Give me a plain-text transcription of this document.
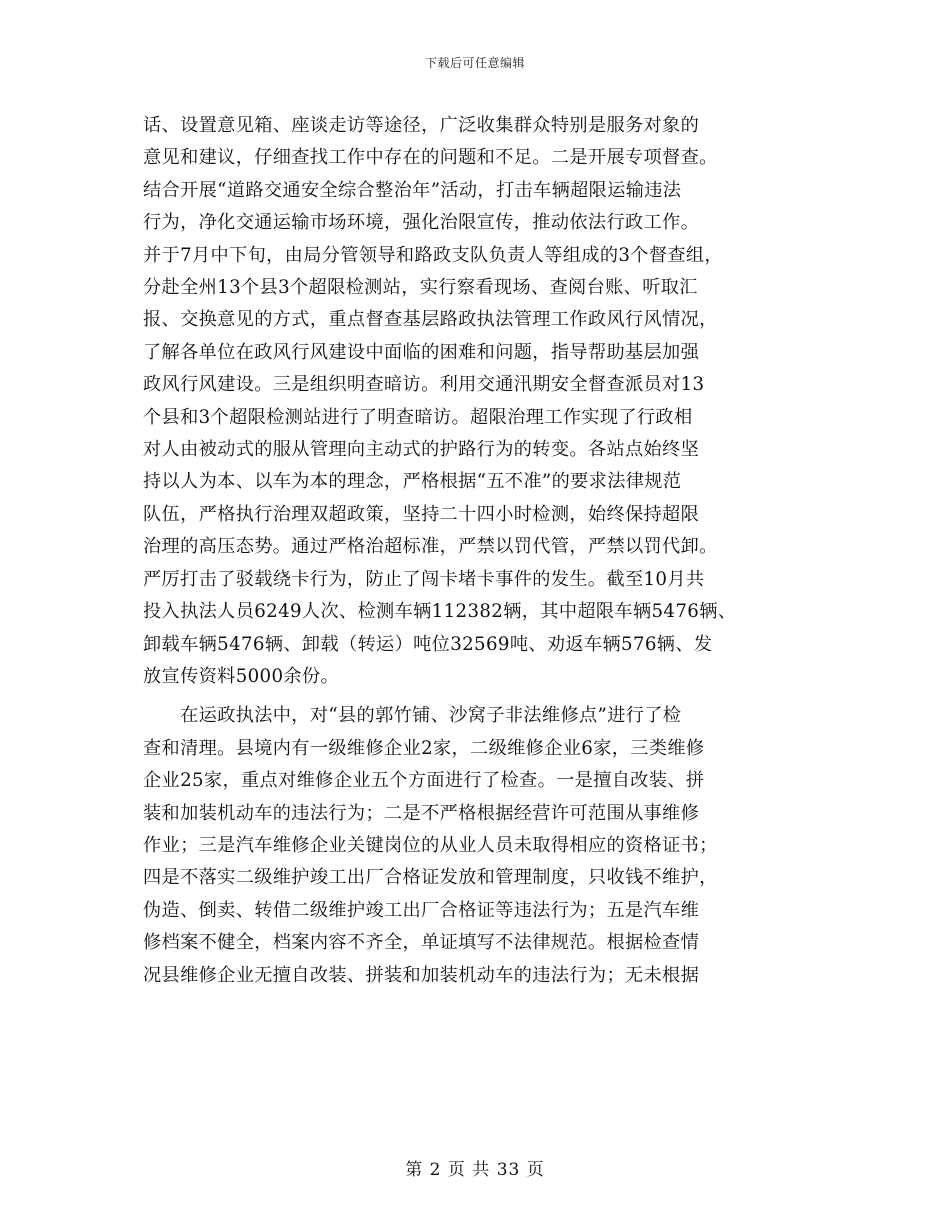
下载后可任意编辑

话、设置意见箱、座谈走访等途径，广泛收集群众特别是服务对象的
意见和建议，仔细查找工作中存在的问题和不足。二是开展专项督查。
结合开展“道路交通安全综合整治年”活动，打击车辆超限运输违法
行为，净化交通运输市场环境，强化治限宣传，推动依法行政工作。
并于7月中下旬，由局分管领导和路政支队负责人等组成的3个督查组，
分赴全州13个县3个超限检测站，实行察看现场、查阅台账、听取汇
报、交换意见的方式，重点督查基层路政执法管理工作政风行风情况，
了解各单位在政风行风建设中面临的困难和问题，指导帮助基层加强
政风行风建设。三是组织明查暗访。利用交通汛期安全督查派员对13
个县和3个超限检测站进行了明查暗访。超限治理工作实现了行政相
对人由被动式的服从管理向主动式的护路行为的转变。各站点始终坚
持以人为本、以车为本的理念，严格根据“五不准”的要求法律规范
队伍，严格执行治理双超政策，坚持二十四小时检测，始终保持超限
治理的高压态势。通过严格治超标准，严禁以罚代管，严禁以罚代卸。
严厉打击了驳载绕卡行为，防止了闯卡堵卡事件的发生。截至10月共
投入执法人员6249人次、检测车辆112382辆，其中超限车辆5476辆、
卸载车辆5476辆、卸载（转运）吨位32569吨、劝返车辆576辆、发
放宣传资料5000余份。

　　在运政执法中，对“县的郭竹铺、沙窝子非法维修点”进行了检
查和清理。县境内有一级维修企业2家，二级维修企业6家，三类维修
企业25家，重点对维修企业五个方面进行了检查。一是擅自改装、拼
装和加装机动车的违法行为；二是不严格根据经营许可范围从事维修
作业；三是汽车维修企业关键岗位的从业人员未取得相应的资格证书；
四是不落实二级维护竣工出厂合格证发放和管理制度，只收钱不维护，
伪造、倒卖、转借二级维护竣工出厂合格证等违法行为；五是汽车维
修档案不健全，档案内容不齐全，单证填写不法律规范。根据检查情
况县维修企业无擅自改装、拼装和加装机动车的违法行为；无未根据

第 2 页 共 33 页
